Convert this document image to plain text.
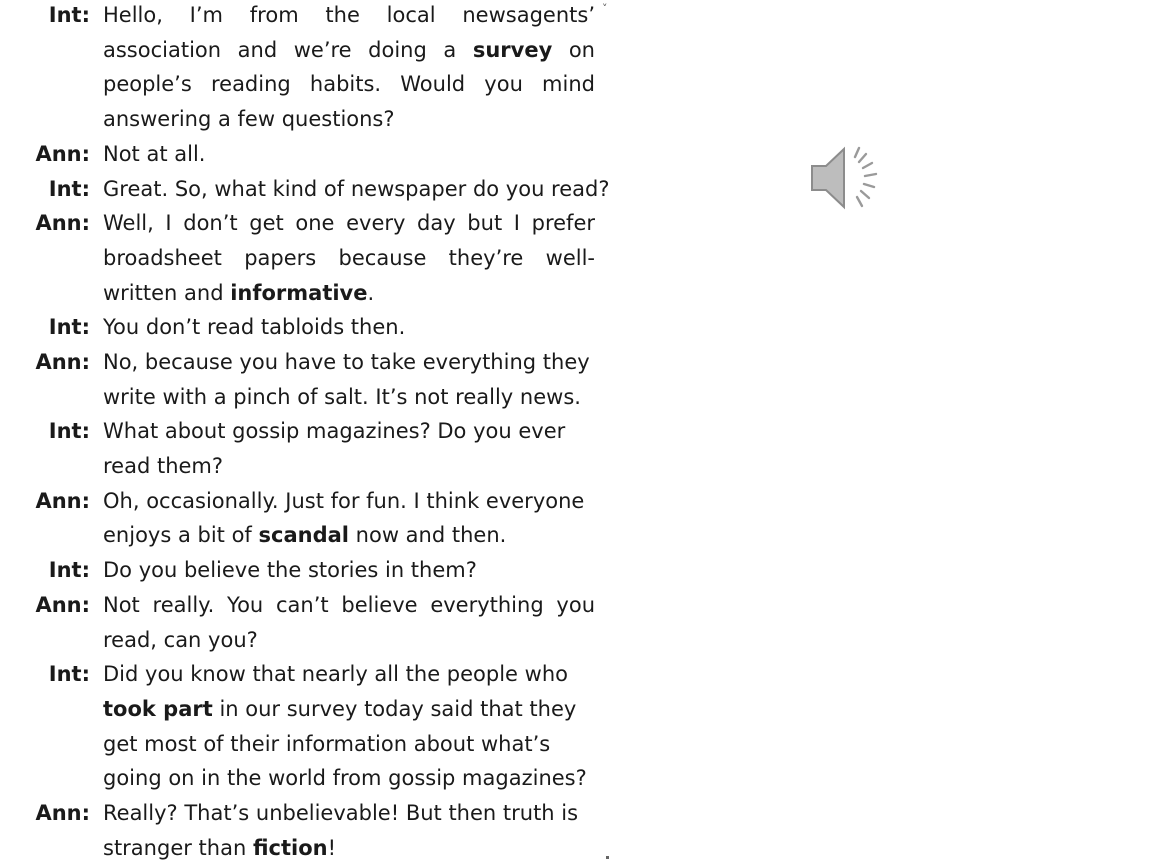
Int: Hello, I’m from the local newsagents’
association and we’re doing a survey on
people’s reading habits. Would you mind
answering a few questions?
Ann: Not at all.
Int: Great. So, what kind of newspaper do you read?
Ann: Well, I don’t get one every day but I prefer
broadsheet papers because they’re well-
written and informative.
Int: You don’t read tabloids then.
Ann: No, because you have to take everything they
write with a pinch of salt. It’s not really news.
Int: What about gossip magazines? Do you ever
read them?
Ann: Oh, occasionally. Just for fun. I think everyone
enjoys a bit of scandal now and then.
Int: Do you believe the stories in them?
Ann: Not really. You can’t believe everything you
read, can you?
Int: Did you know that nearly all the people who
took part in our survey today said that they
get most of their information about what’s
going on in the world from gossip magazines?
Ann: Really? That’s unbelievable! But then truth is
stranger than fiction!
˅
